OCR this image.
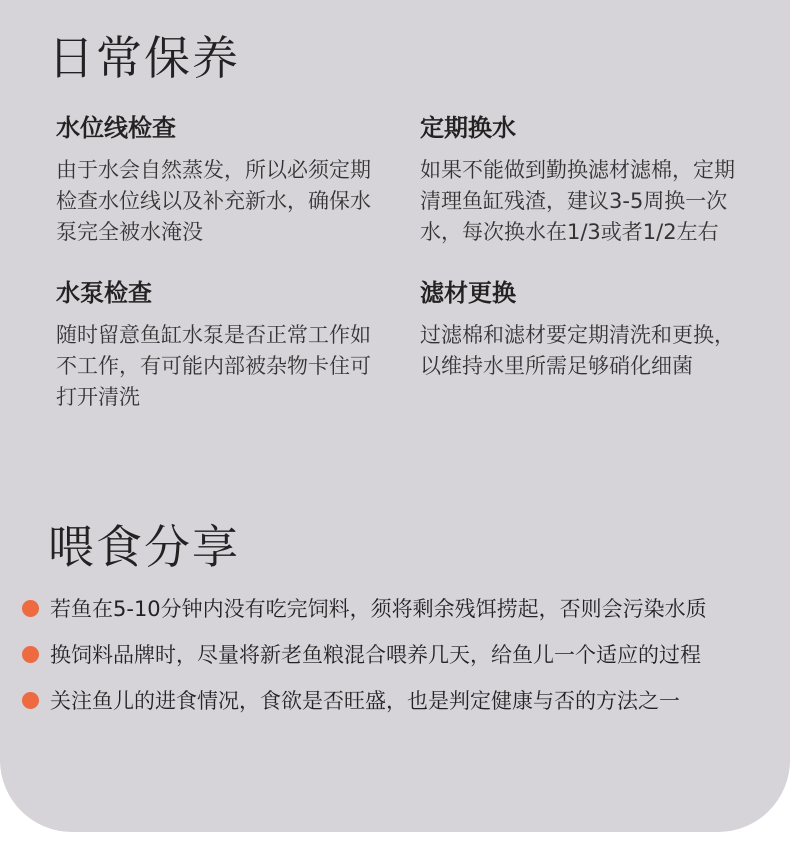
日常保养
水位线检查

由于水会自然蒸发，所以必须定期检查水位线以及补充新水，确保水泵完全被水淹没

定期换水

如果不能做到勤换滤材滤棉，定期清理鱼缸残渣，建议3-5周换一次水，每次换水在1/3或者1/2左右

水泵检查

随时留意鱼缸水泵是否正常工作如不工作，有可能内部被杂物卡住可打开清洗

滤材更换

过滤棉和滤材要定期清洗和更换，以维持水里所需足够硝化细菌

喂食分享
若鱼在5-10分钟内没有吃完饲料，须将剩余残饵捞起，否则会污染水质
换饲料品牌时，尽量将新老鱼粮混合喂养几天，给鱼儿一个适应的过程
关注鱼儿的进食情况，食欲是否旺盛，也是判定健康与否的方法之一
